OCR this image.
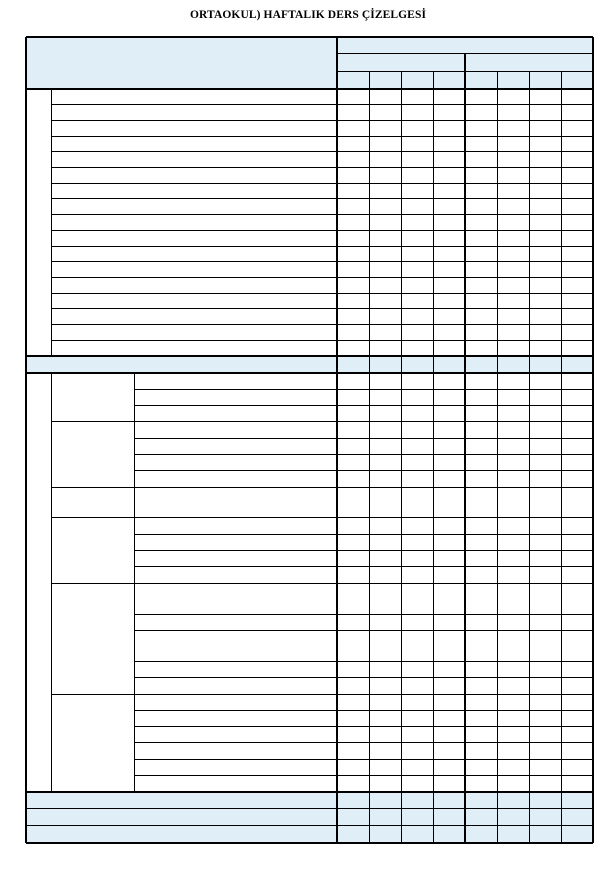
ORTAOKUL) HAFTALIK DERS ÇİZELGESİ
